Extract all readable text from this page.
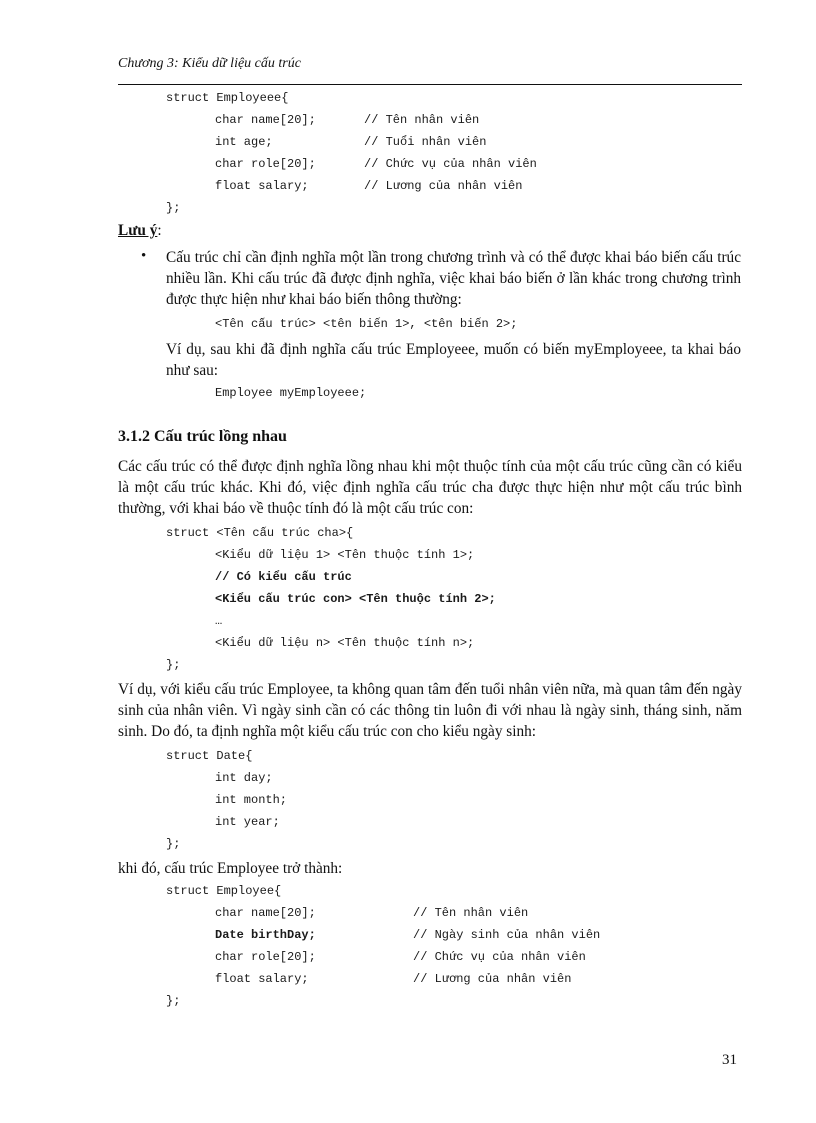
Chương 3: Kiểu dữ liệu cấu trúc
struct Employeee{
char name[20];	// Tên nhân viên
int age;	// Tuổi nhân viên
char role[20];	// Chức vụ của nhân viên
float salary;	// Lương của nhân viên
};
Lưu ý:
• Cấu trúc chỉ cần định nghĩa một lần trong chương trình và có thể được khai báo biến cấu trúc nhiều lần. Khi cấu trúc đã được định nghĩa, việc khai báo biến ở lần khác trong chương trình được thực hiện như khai báo biến thông thường:

<Tên cấu trúc> <tên biến 1>, <tên biến 2>;

Ví dụ, sau khi đã định nghĩa cấu trúc Employeee, muốn có biến myEmployeee, ta khai báo như sau:

Employee myEmployeee;
3.1.2 Cấu trúc lồng nhau

Các cấu trúc có thể được định nghĩa lồng nhau khi một thuộc tính của một cấu trúc cũng cần có kiểu là một cấu trúc khác. Khi đó, việc định nghĩa cấu trúc cha được thực hiện như một cấu trúc bình thường, với khai báo về thuộc tính đó là một cấu trúc con:

struct <Tên cấu trúc cha>{
<Kiểu dữ liệu 1> <Tên thuộc tính 1>;
// Có kiểu cấu trúc
<Kiểu cấu trúc con> <Tên thuộc tính 2>;
…
<Kiểu dữ liệu n> <Tên thuộc tính n>;
};

Ví dụ, với kiểu cấu trúc Employee, ta không quan tâm đến tuổi nhân viên nữa, mà quan tâm đến ngày sinh của nhân viên. Vì ngày sinh cần có các thông tin luôn đi với nhau là ngày sinh, tháng sinh, năm sinh. Do đó, ta định nghĩa một kiểu cấu trúc con cho kiểu ngày sinh:

struct Date{
int day;
int month;
int year;
};

khi đó, cấu trúc Employee trở thành:

struct Employee{
char name[20];	// Tên nhân viên
Date birthDay;	// Ngày sinh của nhân viên
char role[20];	// Chức vụ của nhân viên
float salary;	// Lương của nhân viên
};
31
